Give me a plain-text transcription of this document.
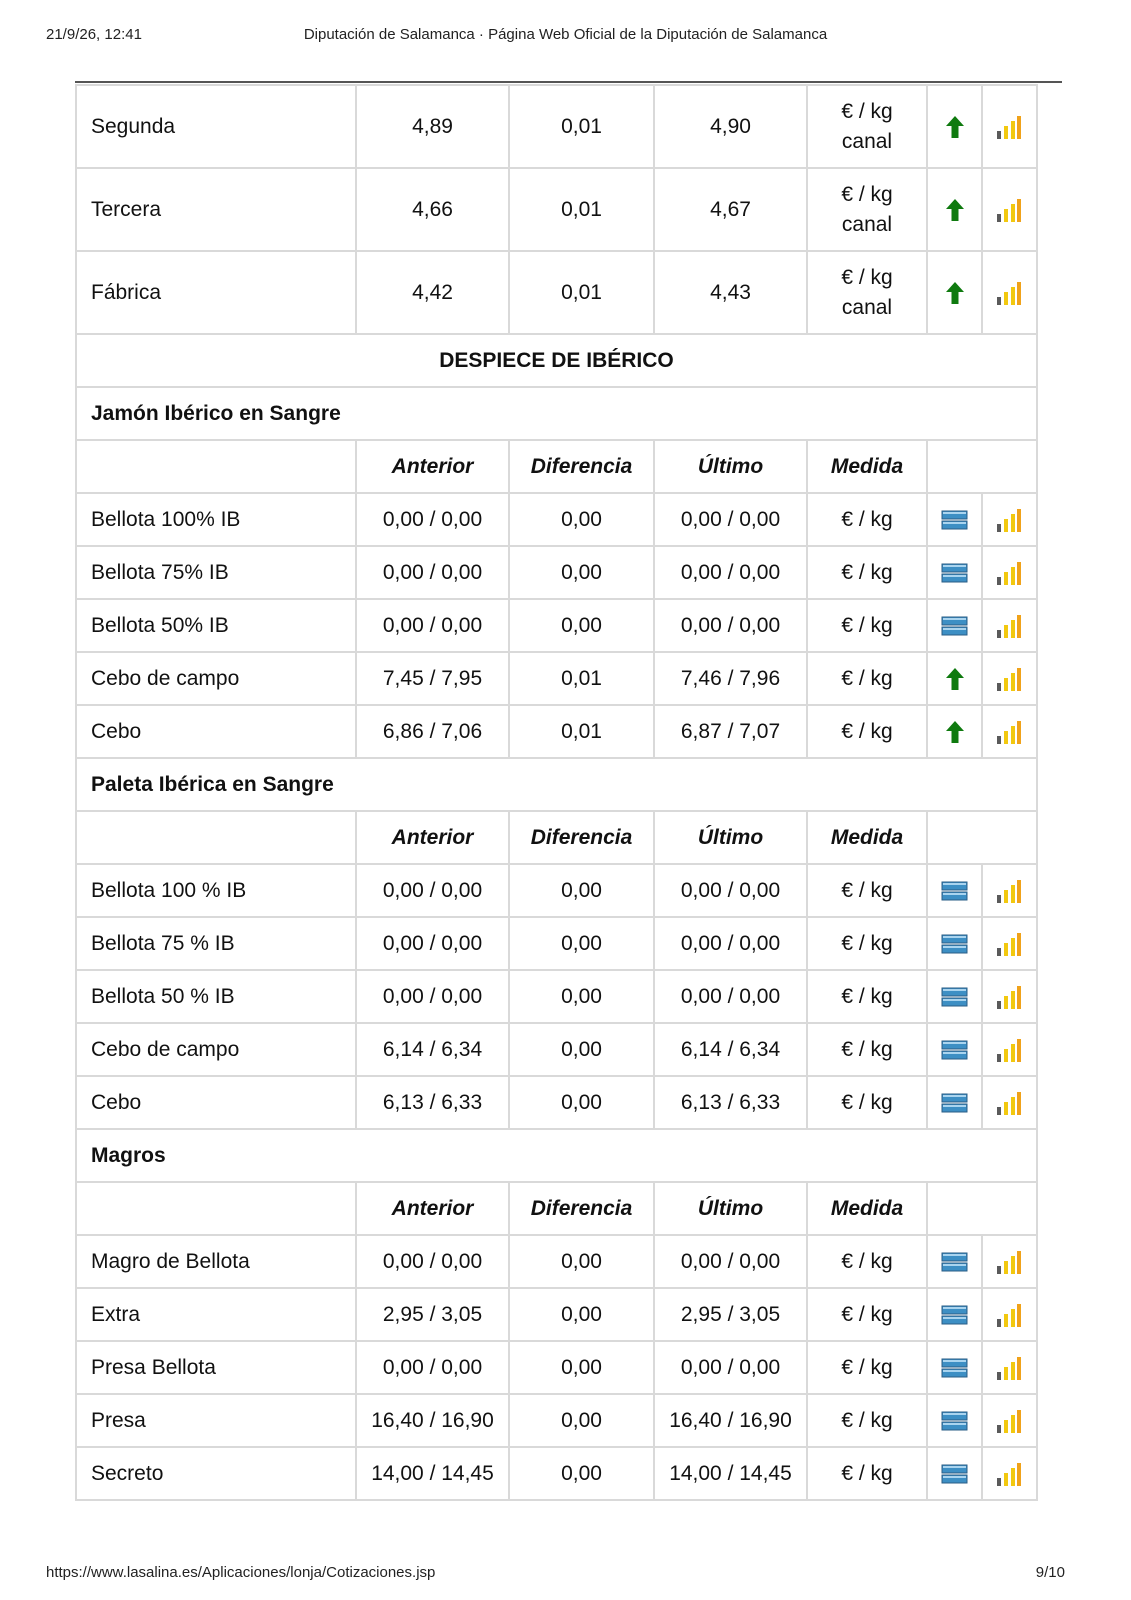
21/9/26, 12:41	Diputación de Salamanca · Página Web Oficial de la Diputación de Salamanca
Segunda	4,89	0,01	4,90	€ / kg
canal

Tercera	4,66	0,01	4,67	€ / kg
canal

Fábrica	4,42	0,01	4,43	€ / kg
canal

DESPIECE DE IBÉRICO						
Jamón Ibérico en Sangre						
	Anterior	Diferencia	Último	Medida		
Bellota 100% IB	0,00 / 0,00	0,00	0,00 / 0,00	€ / kg		
Bellota 75% IB	0,00 / 0,00	0,00	0,00 / 0,00	€ / kg		
Bellota 50% IB	0,00 / 0,00	0,00	0,00 / 0,00	€ / kg		
Cebo de campo	7,45 / 7,95	0,01	7,46 / 7,96	€ / kg		
Cebo	6,86 / 7,06	0,01	6,87 / 7,07	€ / kg		
Paleta Ibérica en Sangre						
	Anterior	Diferencia	Último	Medida		
Bellota 100 % IB	0,00 / 0,00	0,00	0,00 / 0,00	€ / kg		
Bellota 75 % IB	0,00 / 0,00	0,00	0,00 / 0,00	€ / kg		
Bellota 50 % IB	0,00 / 0,00	0,00	0,00 / 0,00	€ / kg		
Cebo de campo	6,14 / 6,34	0,00	6,14 / 6,34	€ / kg		
Cebo	6,13 / 6,33	0,00	6,13 / 6,33	€ / kg		
Magros						
	Anterior	Diferencia	Último	Medida		
Magro de Bellota	0,00 / 0,00	0,00	0,00 / 0,00	€ / kg		
Extra	2,95 / 3,05	0,00	2,95 / 3,05	€ / kg		
Presa Bellota	0,00 / 0,00	0,00	0,00 / 0,00	€ / kg		
Presa	16,40 / 16,90	0,00	16,40 / 16,90	€ / kg		
Secreto	14,00 / 14,45	0,00	14,00 / 14,45	€ / kg		
https://www.lasalina.es/Aplicaciones/lonja/Cotizaciones.jsp	9/10
